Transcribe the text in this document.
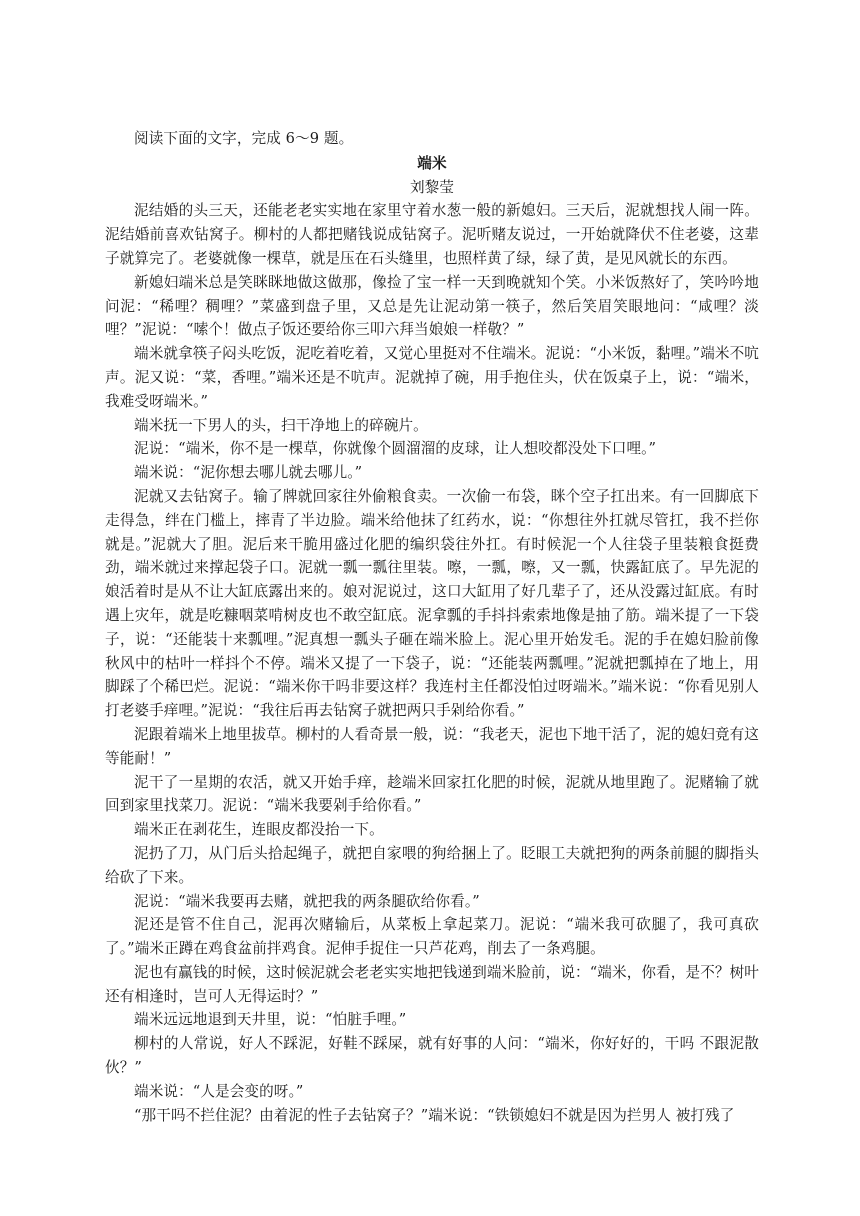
阅读下面的文字，完成 6～9 题。

端米

刘黎莹

泥结婚的头三天，还能老老实实地在家里守着水葱一般的新媳妇。三天后，泥就想找人闹一阵。泥结婚前喜欢钻窝子。柳村的人都把赌钱说成钻窝子。泥听赌友说过，一开始就降伏不住老婆，这辈子就算完了。老婆就像一棵草，就是压在石头缝里，也照样黄了绿，绿了黄，是见风就长的东西。

新媳妇端米总是笑眯眯地做这做那，像捡了宝一样一天到晚就知个笑。小米饭熬好了，笑吟吟地问泥：“稀哩？稠哩？”菜盛到盘子里，又总是先让泥动第一筷子，然后笑眉笑眼地问：“咸哩？淡哩？”泥说：“嗦个！做点子饭还要给你三叩六拜当娘娘一样敬？”

端米就拿筷子闷头吃饭，泥吃着吃着，又觉心里挺对不住端米。泥说：“小米饭，黏哩。”端米不吭声。泥又说：“菜，香哩。”端米还是不吭声。泥就掉了碗，用手抱住头，伏在饭桌子上，说：“端米，我难受呀端米。”

端米抚一下男人的头，扫干净地上的碎碗片。

泥说：“端米，你不是一棵草，你就像个圆溜溜的皮球，让人想咬都没处下口哩。”

端米说：“泥你想去哪儿就去哪儿。”

泥就又去钻窝子。输了牌就回家往外偷粮食卖。一次偷一布袋，眯个空子扛出来。有一回脚底下走得急，绊在门槛上，摔青了半边脸。端米给他抹了红药水，说：“你想往外扛就尽管扛，我不拦你就是。”泥就大了胆。泥后来干脆用盛过化肥的编织袋往外扛。有时候泥一个人往袋子里装粮食挺费劲，端米就过来撑起袋子口。泥就一瓢一瓢往里装。嚓，一瓢，嚓，又一瓢，快露缸底了。早先泥的娘活着时是从不让大缸底露出来的。娘对泥说过，这口大缸用了好几辈子了，还从没露过缸底。有时遇上灾年，就是吃糠咽菜啃树皮也不敢空缸底。泥拿瓢的手抖抖索索地像是抽了筋。端米提了一下袋子，说：“还能装十来瓢哩。”泥真想一瓢头子砸在端米脸上。泥心里开始发毛。泥的手在媳妇脸前像秋风中的枯叶一样抖个不停。端米又提了一下袋子，说：“还能装两瓢哩。”泥就把瓢掉在了地上，用脚踩了个稀巴烂。泥说：“端米你干吗非要这样？我连村主任都没怕过呀端米。”端米说：“你看见别人打老婆手痒哩。”泥说：“我往后再去钻窝子就把两只手剁给你看。”

泥跟着端米上地里拔草。柳村的人看奇景一般，说：“我老天，泥也下地干活了，泥的媳妇竟有这等能耐！”

泥干了一星期的农活，就又开始手痒，趁端米回家扛化肥的时候，泥就从地里跑了。泥赌输了就回到家里找菜刀。泥说：“端米我要剁手给你看。”

端米正在剥花生，连眼皮都没抬一下。

泥扔了刀，从门后头拾起绳子，就把自家喂的狗给捆上了。眨眼工夫就把狗的两条前腿的脚指头给砍了下来。

泥说：“端米我要再去赌，就把我的两条腿砍给你看。”

泥还是管不住自己，泥再次赌输后，从菜板上拿起菜刀。泥说：“端米我可砍腿了，我可真砍了。”端米正蹲在鸡食盆前拌鸡食。泥伸手捉住一只芦花鸡，削去了一条鸡腿。

泥也有赢钱的时候，这时候泥就会老老实实地把钱递到端米脸前，说：“端米，你看，是不？树叶还有相逢时，岂可人无得运时？”

端米远远地退到天井里，说：“怕脏手哩。”

柳村的人常说，好人不踩泥，好鞋不踩屎，就有好事的人问：“端米，你好好的，干吗 不跟泥散伙？”

端米说：“人是会变的呀。”

“那干吗不拦住泥？由着泥的性子去钻窝子？”端米说：“铁锁媳妇不就是因为拦男人 被打残了
